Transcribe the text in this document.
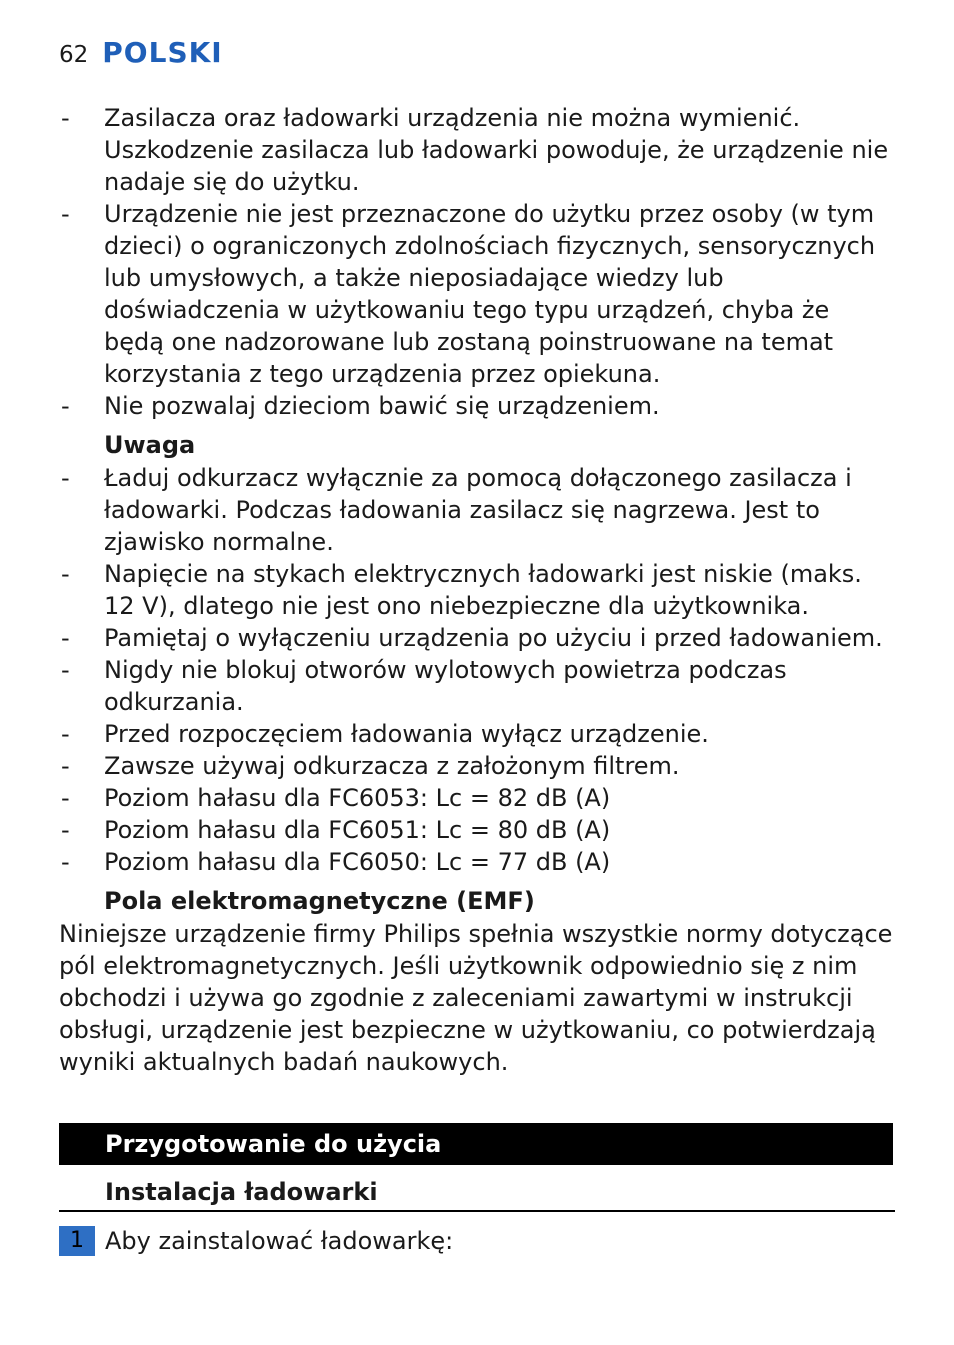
62 POLSKI
-	Zasilacza oraz ładowarki urządzenia nie można wymienić. Uszkodzenie zasilacza lub ładowarki powoduje, że urządzenie nie nadaje się do użytku.
-	Urządzenie nie jest przeznaczone do użytku przez osoby (w tym dzieci) o ograniczonych zdolnościach fizycznych, sensorycznych lub umysłowych, a także nieposiadające wiedzy lub doświadczenia w użytkowaniu tego typu urządzeń, chyba że będą one nadzorowane lub zostaną poinstruowane na temat korzystania z tego urządzenia przez opiekuna.
-	Nie pozwalaj dzieciom bawić się urządzeniem.
Uwaga
-	Ładuj odkurzacz wyłącznie za pomocą dołączonego zasilacza i ładowarki. Podczas ładowania zasilacz się nagrzewa. Jest to zjawisko normalne.
-	Napięcie na stykach elektrycznych ładowarki jest niskie (maks. 12 V), dlatego nie jest ono niebezpieczne dla użytkownika.
-	Pamiętaj o wyłączeniu urządzenia po użyciu i przed ładowaniem.
-	Nigdy nie blokuj otworów wylotowych powietrza podczas odkurzania.
-	Przed rozpoczęciem ładowania wyłącz urządzenie.
-	Zawsze używaj odkurzacza z założonym filtrem.
-	Poziom hałasu dla FC6053: Lc = 82 dB (A)
-	Poziom hałasu dla FC6051: Lc = 80 dB (A)
-	Poziom hałasu dla FC6050: Lc = 77 dB (A)
Pola elektromagnetyczne (EMF)
Niniejsze urządzenie firmy Philips spełnia wszystkie normy dotyczące pól elektromagnetycznych. Jeśli użytkownik odpowiednio się z nim obchodzi i używa go zgodnie z zaleceniami zawartymi w instrukcji obsługi, urządzenie jest bezpieczne w użytkowaniu, co potwierdzają wyniki aktualnych badań naukowych.
Przygotowanie do użycia
Instalacja ładowarki
1 Aby zainstalować ładowarkę:
